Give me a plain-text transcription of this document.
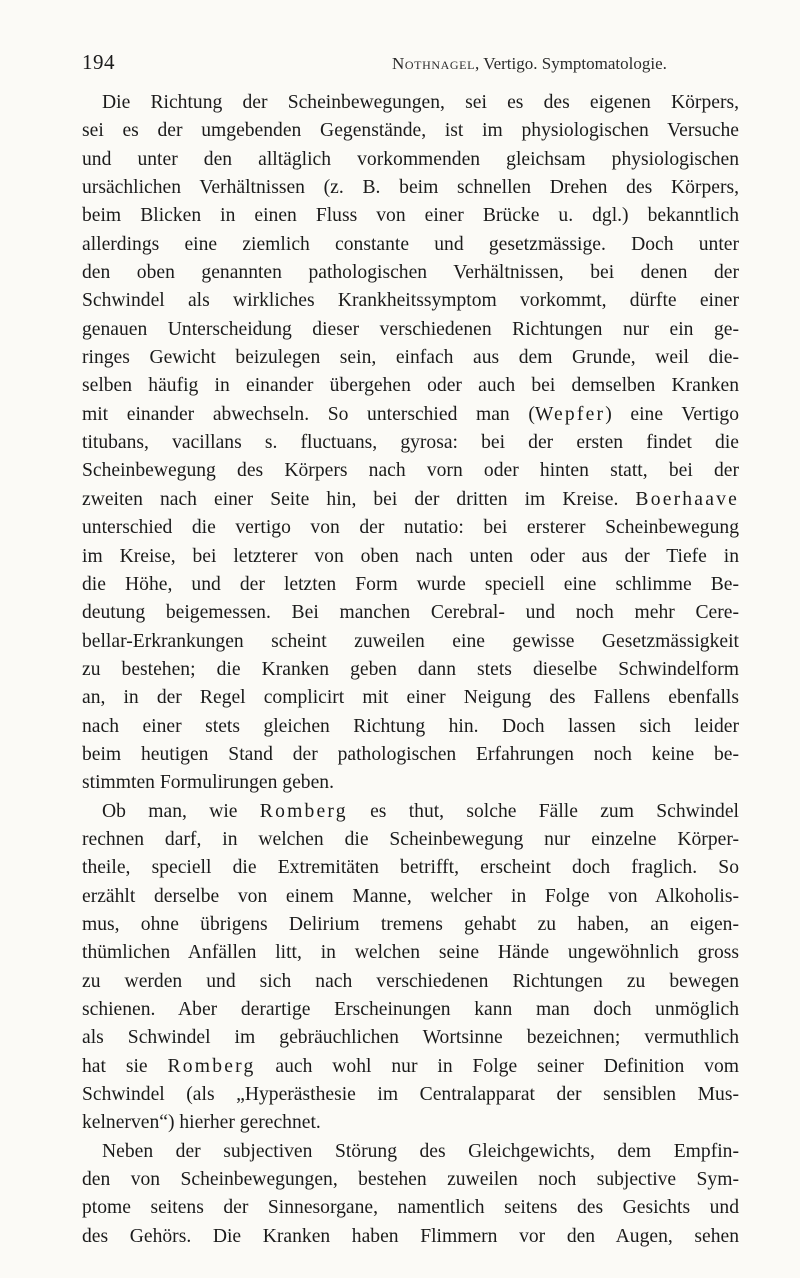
194	Nothnagel, Vertigo. Symptomatologie.
Die Richtung der Scheinbewegungen, sei es des eigenen Körpers,
sei es der umgebenden Gegenstände, ist im physiologischen Versuche
und unter den alltäglich vorkommenden gleichsam physiologischen
ursächlichen Verhältnissen (z. B. beim schnellen Drehen des Körpers,
beim Blicken in einen Fluss von einer Brücke u. dgl.) bekanntlich
allerdings eine ziemlich constante und gesetzmässige. Doch unter
den oben genannten pathologischen Verhältnissen, bei denen der
Schwindel als wirkliches Krankheitssymptom vorkommt, dürfte einer
genauen Unterscheidung dieser verschiedenen Richtungen nur ein ge-
ringes Gewicht beizulegen sein, einfach aus dem Grunde, weil die-
selben häufig in einander übergehen oder auch bei demselben Kranken
mit einander abwechseln. So unterschied man (Wepfer) eine Vertigo
titubans, vacillans s. fluctuans, gyrosa: bei der ersten findet die
Scheinbewegung des Körpers nach vorn oder hinten statt, bei der
zweiten nach einer Seite hin, bei der dritten im Kreise. Boerhaave
unterschied die vertigo von der nutatio: bei ersterer Scheinbewegung
im Kreise, bei letzterer von oben nach unten oder aus der Tiefe in
die Höhe, und der letzten Form wurde speciell eine schlimme Be-
deutung beigemessen. Bei manchen Cerebral- und noch mehr Cere-
bellar-Erkrankungen scheint zuweilen eine gewisse Gesetzmässigkeit
zu bestehen; die Kranken geben dann stets dieselbe Schwindelform
an, in der Regel complicirt mit einer Neigung des Fallens ebenfalls
nach einer stets gleichen Richtung hin. Doch lassen sich leider
beim heutigen Stand der pathologischen Erfahrungen noch keine be-
stimmten Formulirungen geben.
Ob man, wie Romberg es thut, solche Fälle zum Schwindel
rechnen darf, in welchen die Scheinbewegung nur einzelne Körper-
theile, speciell die Extremitäten betrifft, erscheint doch fraglich. So
erzählt derselbe von einem Manne, welcher in Folge von Alkoholis-
mus, ohne übrigens Delirium tremens gehabt zu haben, an eigen-
thümlichen Anfällen litt, in welchen seine Hände ungewöhnlich gross
zu werden und sich nach verschiedenen Richtungen zu bewegen
schienen. Aber derartige Erscheinungen kann man doch unmöglich
als Schwindel im gebräuchlichen Wortsinne bezeichnen; vermuthlich
hat sie Romberg auch wohl nur in Folge seiner Definition vom
Schwindel (als „Hyperästhesie im Centralapparat der sensiblen Mus-
kelnerven“) hierher gerechnet.
Neben der subjectiven Störung des Gleichgewichts, dem Empfin-
den von Scheinbewegungen, bestehen zuweilen noch subjective Sym-
ptome seitens der Sinnesorgane, namentlich seitens des Gesichts und
des Gehörs. Die Kranken haben Flimmern vor den Augen, sehen
